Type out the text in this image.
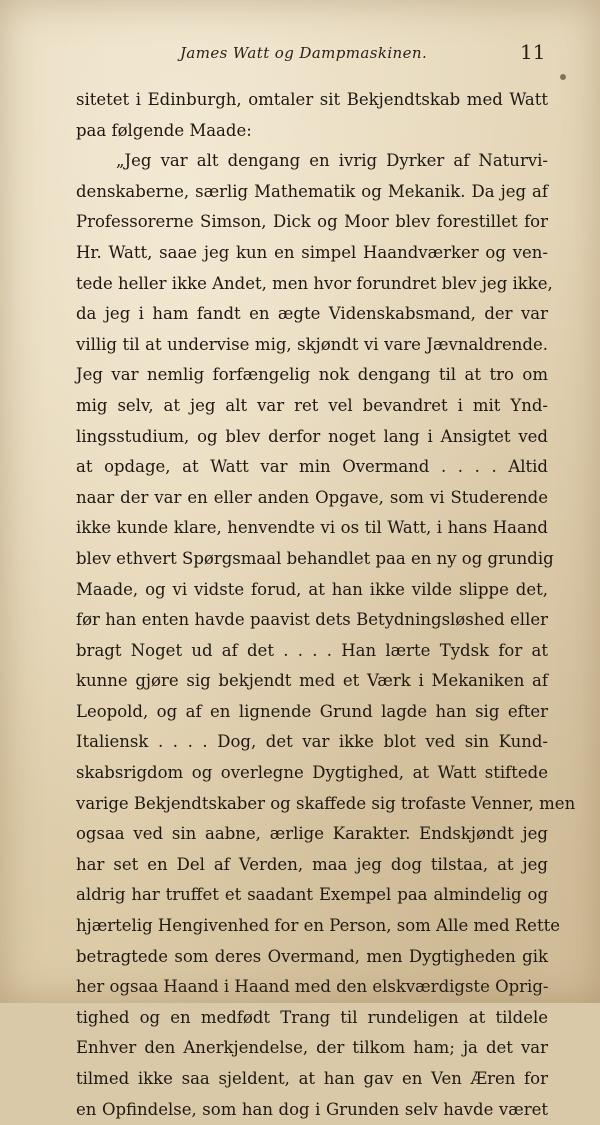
James Watt og Dampmaskinen.	11
sitetet i Edinburgh, omtaler sit Bekjendtskab med Watt
paa følgende Maade:
„Jeg var alt dengang en ivrig Dyrker af Naturvi-
denskaberne, særlig Mathematik og Mekanik. Da jeg af
Professorerne Simson, Dick og Moor blev forestillet for
Hr. Watt, saae jeg kun en simpel Haandværker og ven-
tede heller ikke Andet, men hvor forundret blev jeg ikke,
da jeg i ham fandt en ægte Videnskabsmand, der var
villig til at undervise mig, skjøndt vi vare Jævnaldrende.
Jeg var nemlig forfængelig nok dengang til at tro om
mig selv, at jeg alt var ret vel bevandret i mit Ynd-
lingsstudium, og blev derfor noget lang i Ansigtet ved
at opdage, at Watt var min Overmand . . . . Altid
naar der var en eller anden Opgave, som vi Studerende
ikke kunde klare, henvendte vi os til Watt, i hans Haand
blev ethvert Spørgsmaal behandlet paa en ny og grundig
Maade, og vi vidste forud, at han ikke vilde slippe det,
før han enten havde paavist dets Betydningsløshed eller
bragt Noget ud af det . . . . Han lærte Tydsk for at
kunne gjøre sig bekjendt med et Værk i Mekaniken af
Leopold, og af en lignende Grund lagde han sig efter
Italiensk . . . . Dog, det var ikke blot ved sin Kund-
skabsrigdom og overlegne Dygtighed, at Watt stiftede
varige Bekjendtskaber og skaffede sig trofaste Venner, men
ogsaa ved sin aabne, ærlige Karakter. Endskjøndt jeg
har set en Del af Verden, maa jeg dog tilstaa, at jeg
aldrig har truffet et saadant Exempel paa almindelig og
hjærtelig Hengivenhed for en Person, som Alle med Rette
betragtede som deres Overmand, men Dygtigheden gik
her ogsaa Haand i Haand med den elskværdigste Oprig-
tighed og en medfødt Trang til rundeligen at tildele
Enhver den Anerkjendelse, der tilkom ham; ja det var
tilmed ikke saa sjeldent, at han gav en Ven Æren for
en Opfindelse, som han dog i Grunden selv havde været
